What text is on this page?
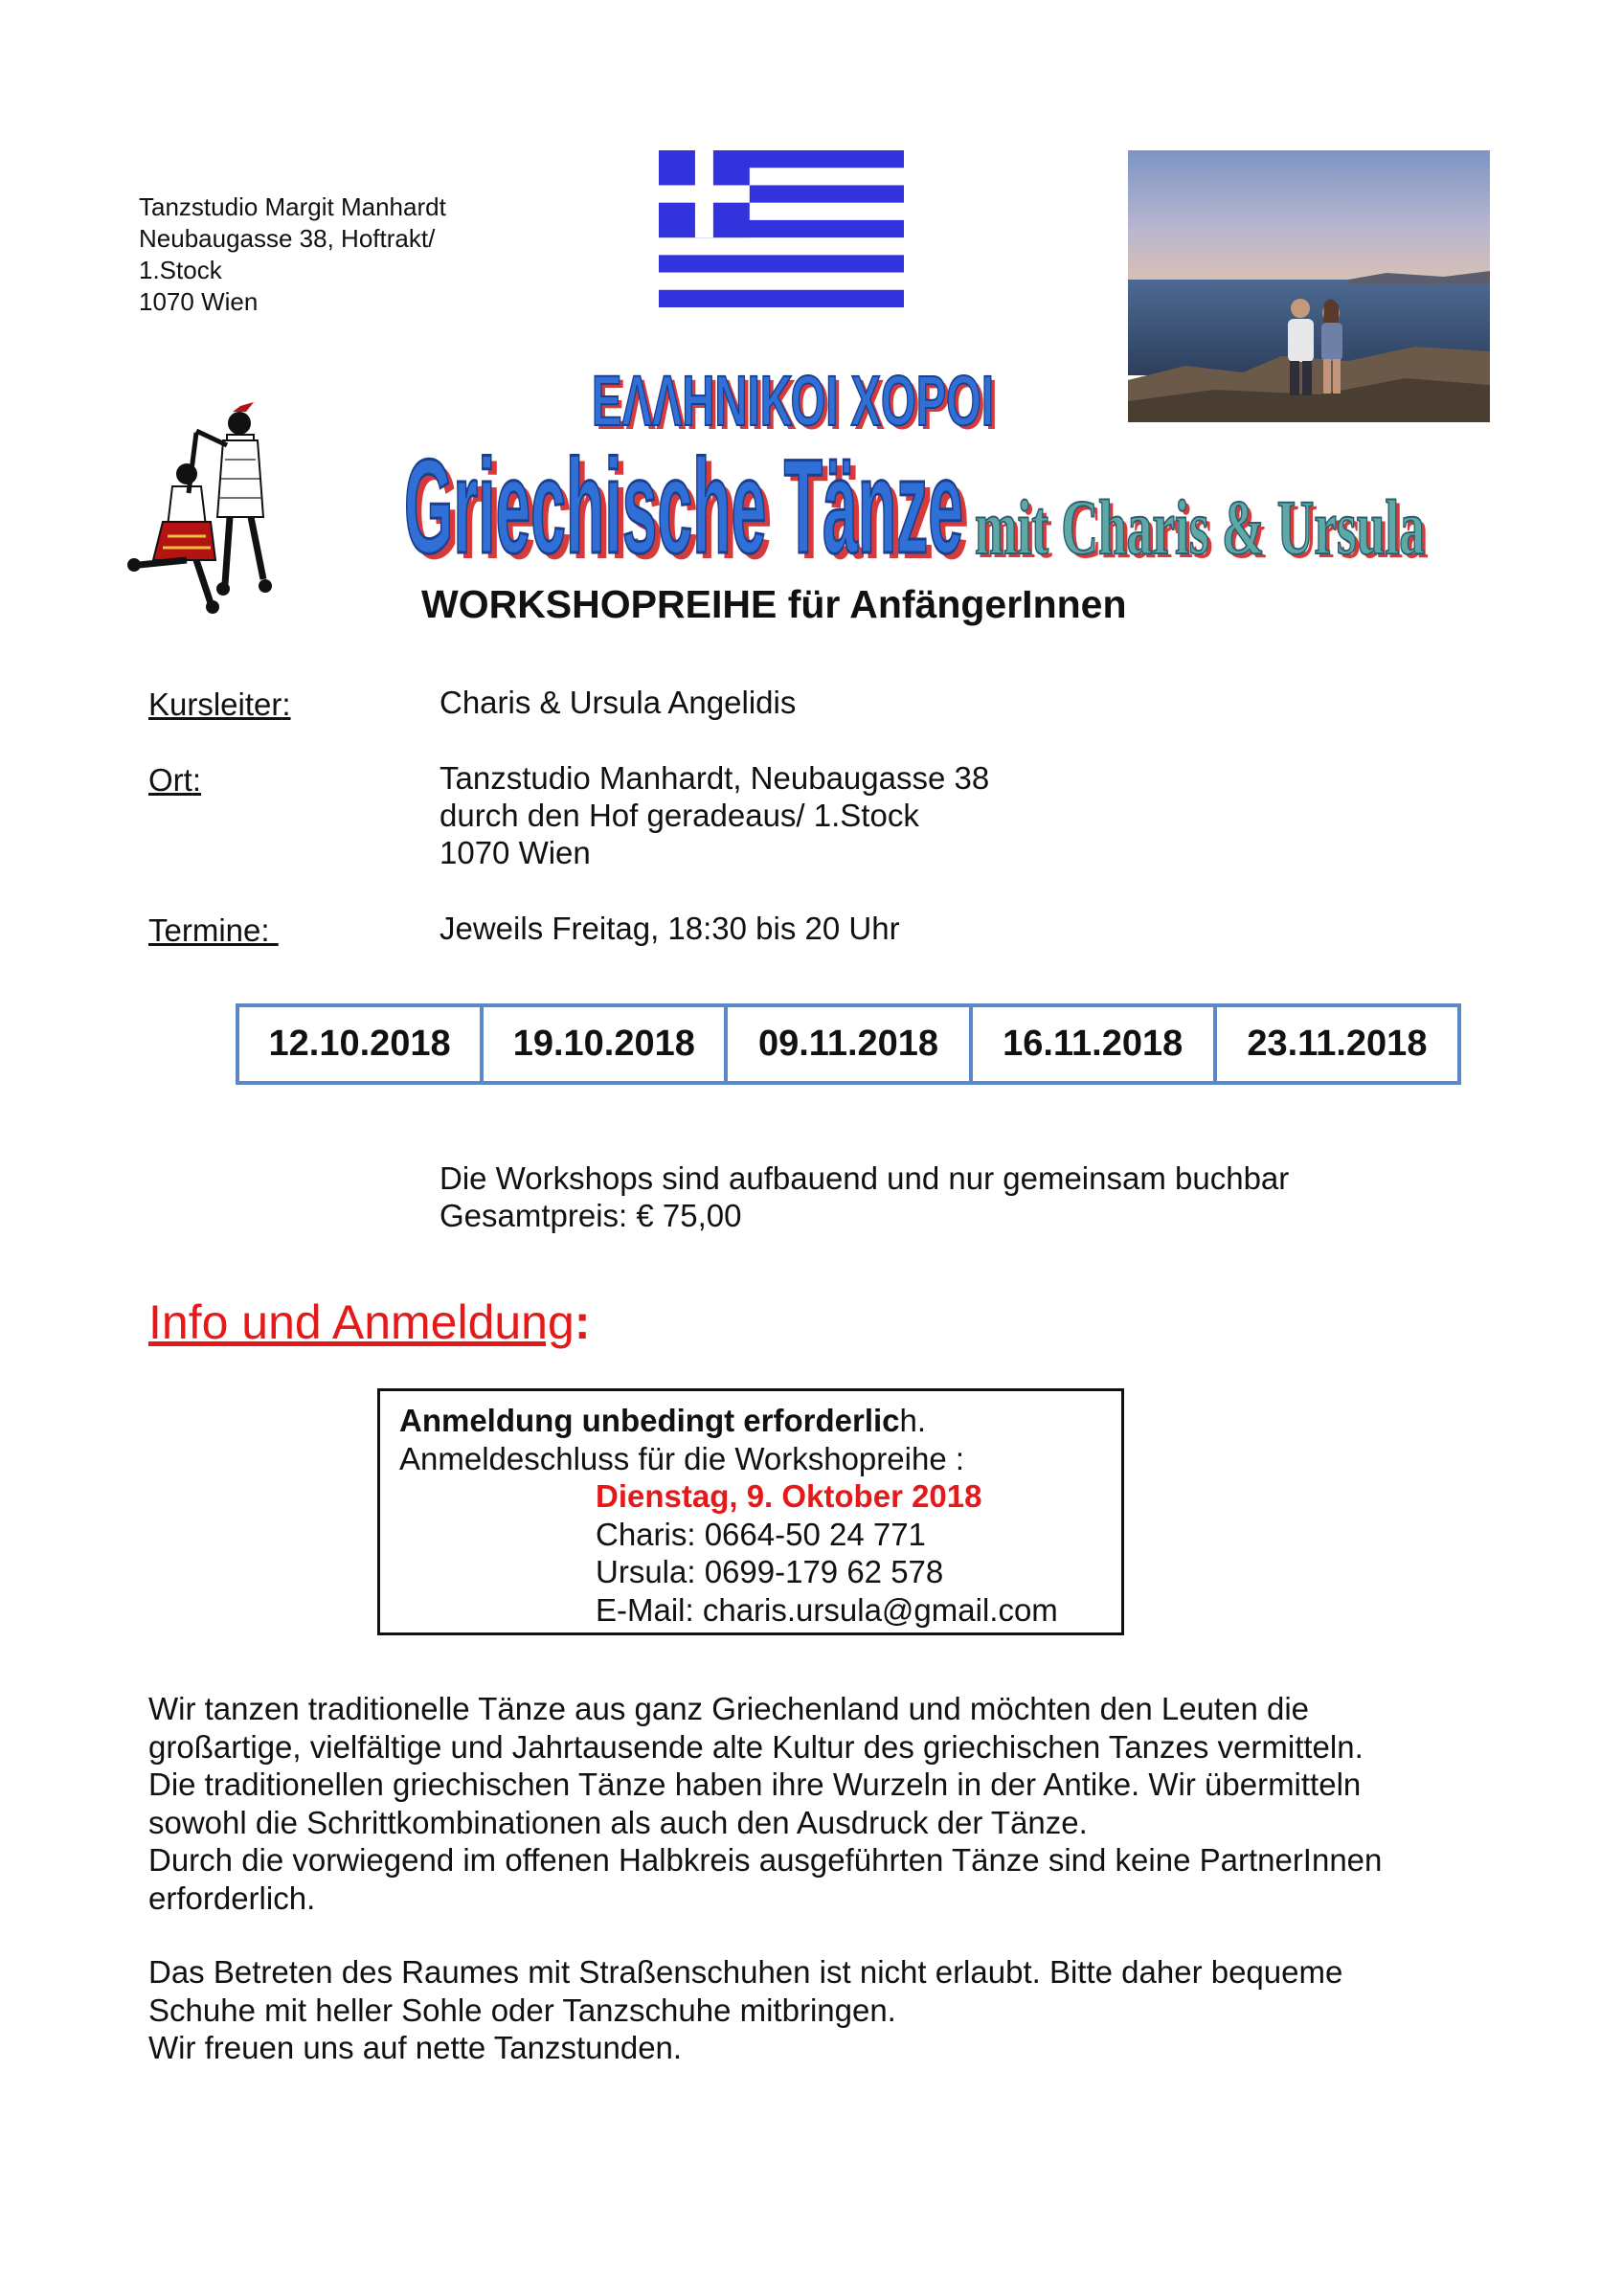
Tanzstudio Margit Manhardt
Neubaugasse 38, Hoftrakt/
1.Stock
1070 Wien
ΕΛΛΗΝΙΚΟΙ ΧΟΡΟΙ
ΕΛΛΗΝΙΚΟΙ ΧΟΡΟΙ
Griechische Tänze
Griechische Tänze mit Charis & Ursula
mit Charis & Ursula
WORKSHOPREIHE für AnfängerInnen
Kursleiter:	Charis & Ursula Angelidis
Ort:	Tanzstudio Manhardt, Neubaugasse 38
durch den Hof geradeaus/ 1.Stock
1070 Wien
Termine:	Jeweils Freitag, 18:30 bis 20 Uhr
12.10.2018	19.10.2018	09.11.2018	16.11.2018	23.11.2018
Die Workshops sind aufbauend und nur gemeinsam buchbar
Gesamtpreis: € 75,00
Info und Anmeldung:
Anmeldung unbedingt erforderlich.
Anmeldeschluss für die Workshopreihe :
Dienstag, 9. Oktober 2018
Charis: 0664-50 24 771
Ursula: 0699-179 62 578
E-Mail: charis.ursula@gmail.com
Wir tanzen traditionelle Tänze aus ganz Griechenland und möchten den Leuten die
großartige, vielfältige und Jahrtausende alte Kultur des griechischen Tanzes vermitteln.
Die traditionellen griechischen Tänze haben ihre Wurzeln in der Antike. Wir übermitteln
sowohl die Schrittkombinationen als auch den Ausdruck der Tänze.
Durch die vorwiegend im offenen Halbkreis ausgeführten Tänze sind keine PartnerInnen
erforderlich.
Das Betreten des Raumes mit Straßenschuhen ist nicht erlaubt. Bitte daher bequeme
Schuhe mit heller Sohle oder Tanzschuhe mitbringen.
Wir freuen uns auf nette Tanzstunden.
